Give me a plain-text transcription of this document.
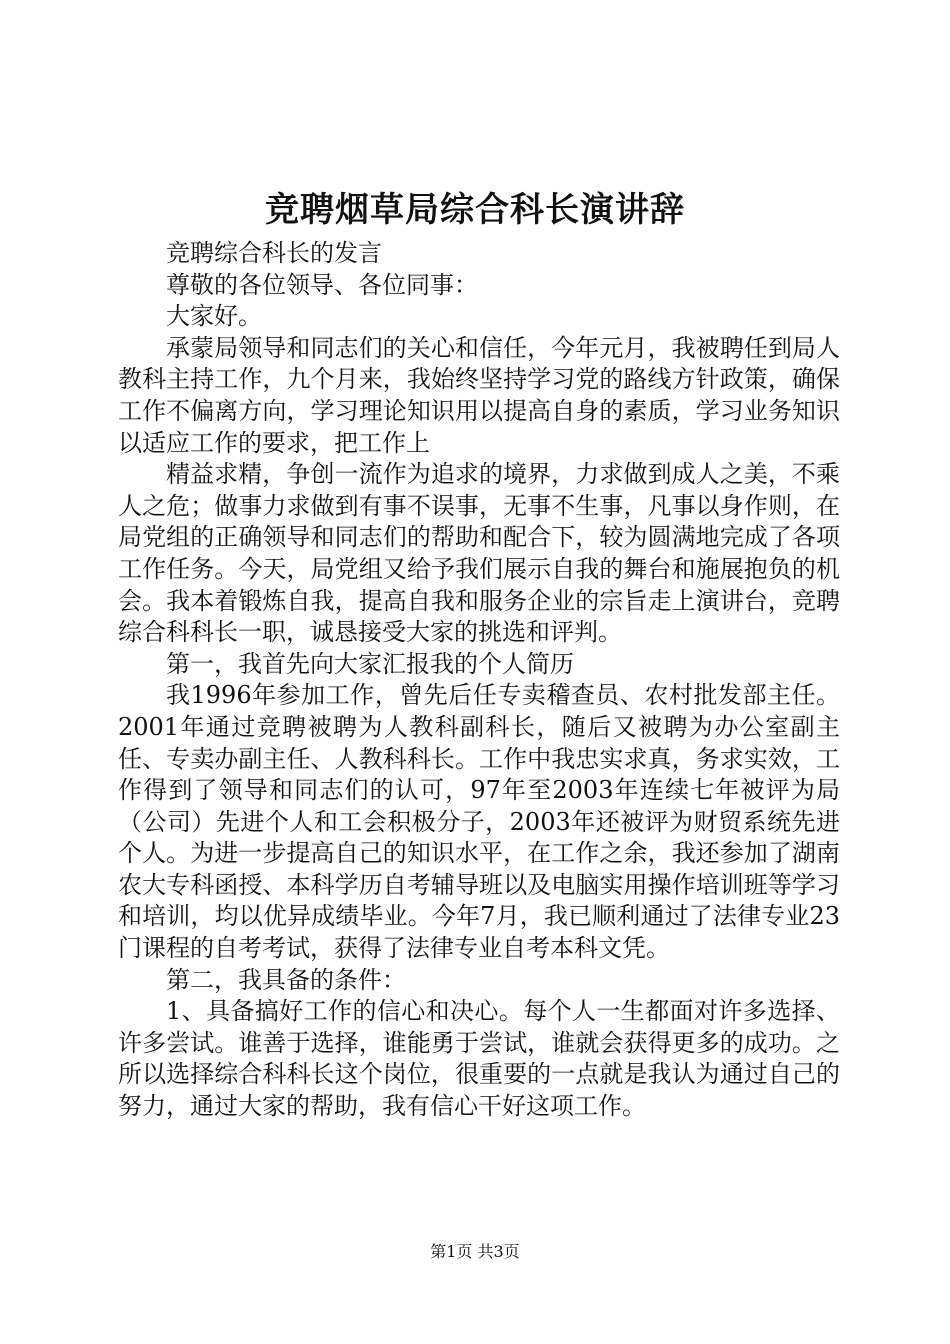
竞聘烟草局综合科长演讲辞

竞聘综合科长的发言

尊敬的各位领导、各位同事：

大家好。

承蒙局领导和同志们的关心和信任，今年元月，我被聘任到局人教科主持工作，九个月来，我始终坚持学习党的路线方针政策，确保工作不偏离方向，学习理论知识用以提高自身的素质，学习业务知识以适应工作的要求，把工作上

精益求精，争创一流作为追求的境界，力求做到成人之美，不乘人之危；做事力求做到有事不误事，无事不生事，凡事以身作则，在局党组的正确领导和同志们的帮助和配合下，较为圆满地完成了各项工作任务。今天，局党组又给予我们展示自我的舞台和施展抱负的机会。我本着锻炼自我，提高自我和服务企业的宗旨走上演讲台，竞聘综合科科长一职，诚恳接受大家的挑选和评判。

第一，我首先向大家汇报我的个人简历

我1996年参加工作，曾先后任专卖稽查员、农村批发部主任。2001年通过竞聘被聘为人教科副科长，随后又被聘为办公室副主任、专卖办副主任、人教科科长。工作中我忠实求真，务求实效，工作得到了领导和同志们的认可，97年至2003年连续七年被评为局（公司）先进个人和工会积极分子，2003年还被评为财贸系统先进个人。为进一步提高自己的知识水平，在工作之余，我还参加了湖南农大专科函授、本科学历自考辅导班以及电脑实用操作培训班等学习和培训，均以优异成绩毕业。今年7月，我已顺利通过了法律专业23门课程的自考考试，获得了法律专业自考本科文凭。

第二，我具备的条件：

1、具备搞好工作的信心和决心。每个人一生都面对许多选择、许多尝试。谁善于选择，谁能勇于尝试，谁就会获得更多的成功。之所以选择综合科科长这个岗位，很重要的一点就是我认为通过自己的努力，通过大家的帮助，我有信心干好这项工作。

第1页 共3页
